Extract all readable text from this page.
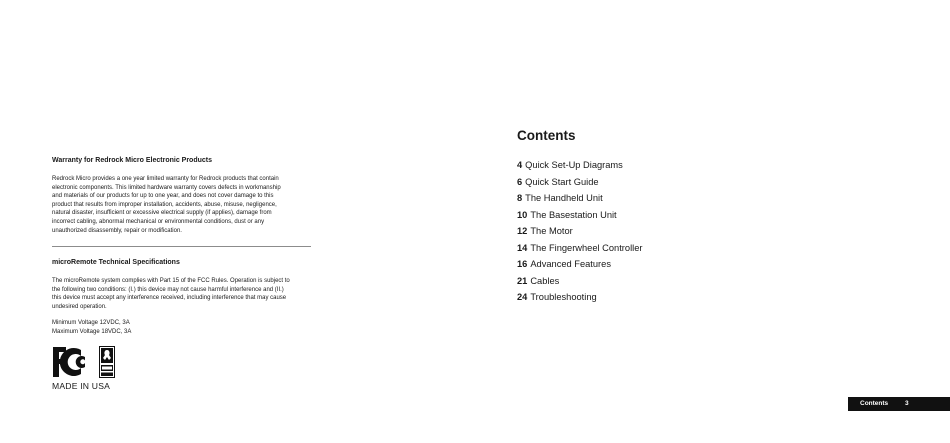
Warranty for Redrock Micro Electronic Products
Redrock Micro provides a one year limited warranty for Redrock products that contain
electronic components. This limited hardware warranty covers defects in workmanship
and materials of our products for up to one year, and does not cover damage to this
product that results from improper installation, accidents, abuse, misuse, negligence,
natural disaster, insufficient or excessive electrical supply (if applies), damage from
incorrect cabling, abnormal mechanical or environmental conditions, dust or any
unauthorized disassembly, repair or modification.
microRemote Technical Specifications
The microRemote system complies with Part 15 of the FCC Rules. Operation is subject to
the following two conditions: (I.) this device may not cause harmful interference and (II.)
this device must accept any interference received, including interference that may cause
undesired operation.
Minimum Voltage 12VDC, 3A
Maximum Voltage 18VDC, 3A
MADE IN USA
Contents
4 Quick Set-Up Diagrams
6 Quick Start Guide
8 The Handheld Unit
10 The Basestation Unit
12 The Motor
14 The Fingerwheel Controller
16 Advanced Features
21 Cables
24 Troubleshooting
Contents	3
